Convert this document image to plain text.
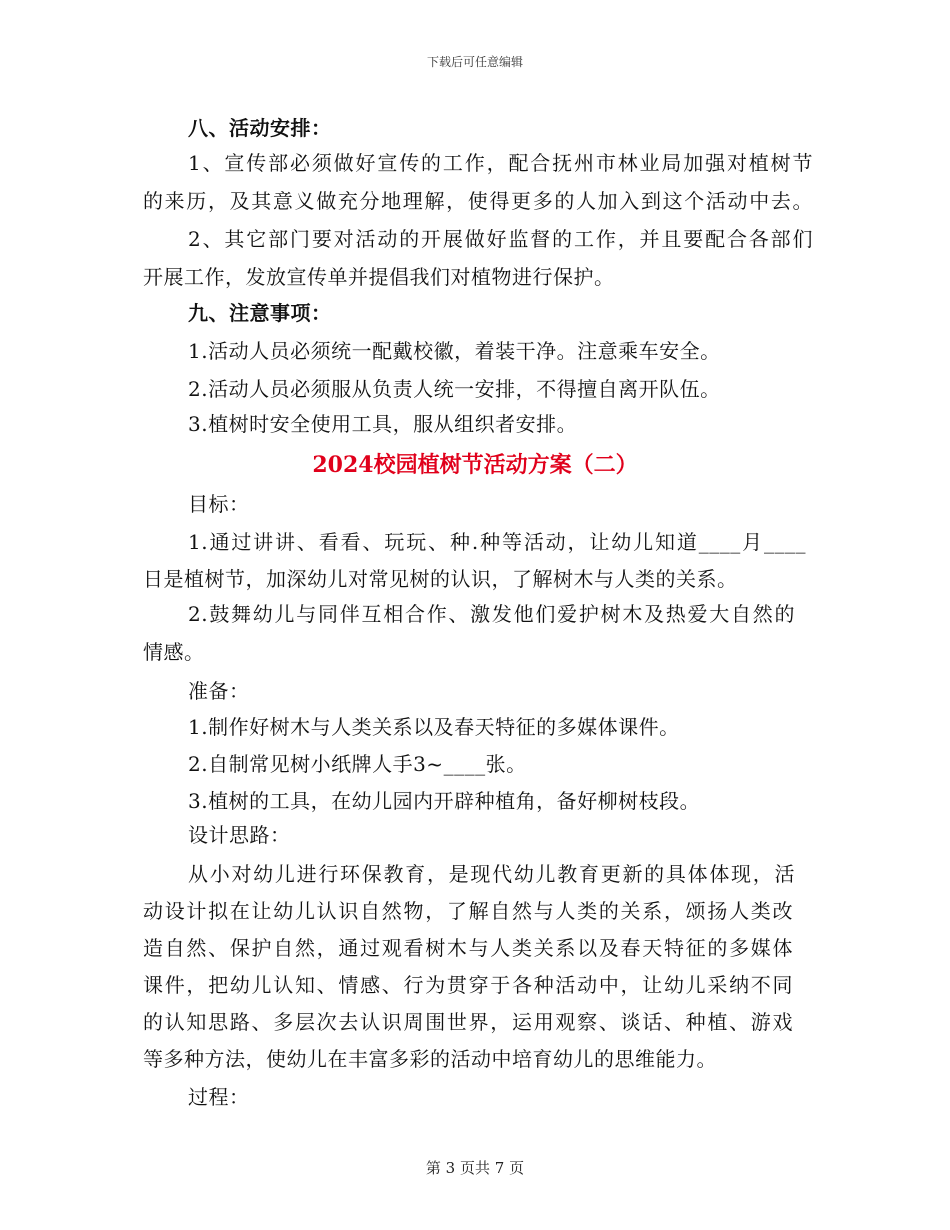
下载后可任意编辑
八、活动安排：
1、宣传部必须做好宣传的工作，配合抚州市林业局加强对植树节
的来历，及其意义做充分地理解，使得更多的人加入到这个活动中去。
2、其它部门要对活动的开展做好监督的工作，并且要配合各部们
开展工作，发放宣传单并提倡我们对植物进行保护。
九、注意事项：
1.活动人员必须统一配戴校徽，着装干净。注意乘车安全。
2.活动人员必须服从负责人统一安排，不得擅自离开队伍。
3.植树时安全使用工具，服从组织者安排。
2024校园植树节活动方案（二）
目标：
1.通过讲讲、看看、玩玩、种.种等活动，让幼儿知道____月____
日是植树节，加深幼儿对常见树的认识，了解树木与人类的关系。
2.鼓舞幼儿与同伴互相合作、激发他们爱护树木及热爱大自然的
情感。
准备：
1.制作好树木与人类关系以及春天特征的多媒体课件。
2.自制常见树小纸牌人手3~____张。
3.植树的工具，在幼儿园内开辟种植角，备好柳树枝段。
设计思路：
从小对幼儿进行环保教育，是现代幼儿教育更新的具体体现，活
动设计拟在让幼儿认识自然物，了解自然与人类的关系，颂扬人类改
造自然、保护自然，通过观看树木与人类关系以及春天特征的多媒体
课件，把幼儿认知、情感、行为贯穿于各种活动中，让幼儿采纳不同
的认知思路、多层次去认识周围世界，运用观察、谈话、种植、游戏
等多种方法，使幼儿在丰富多彩的活动中培育幼儿的思维能力。
过程：
第 3 页共 7 页
